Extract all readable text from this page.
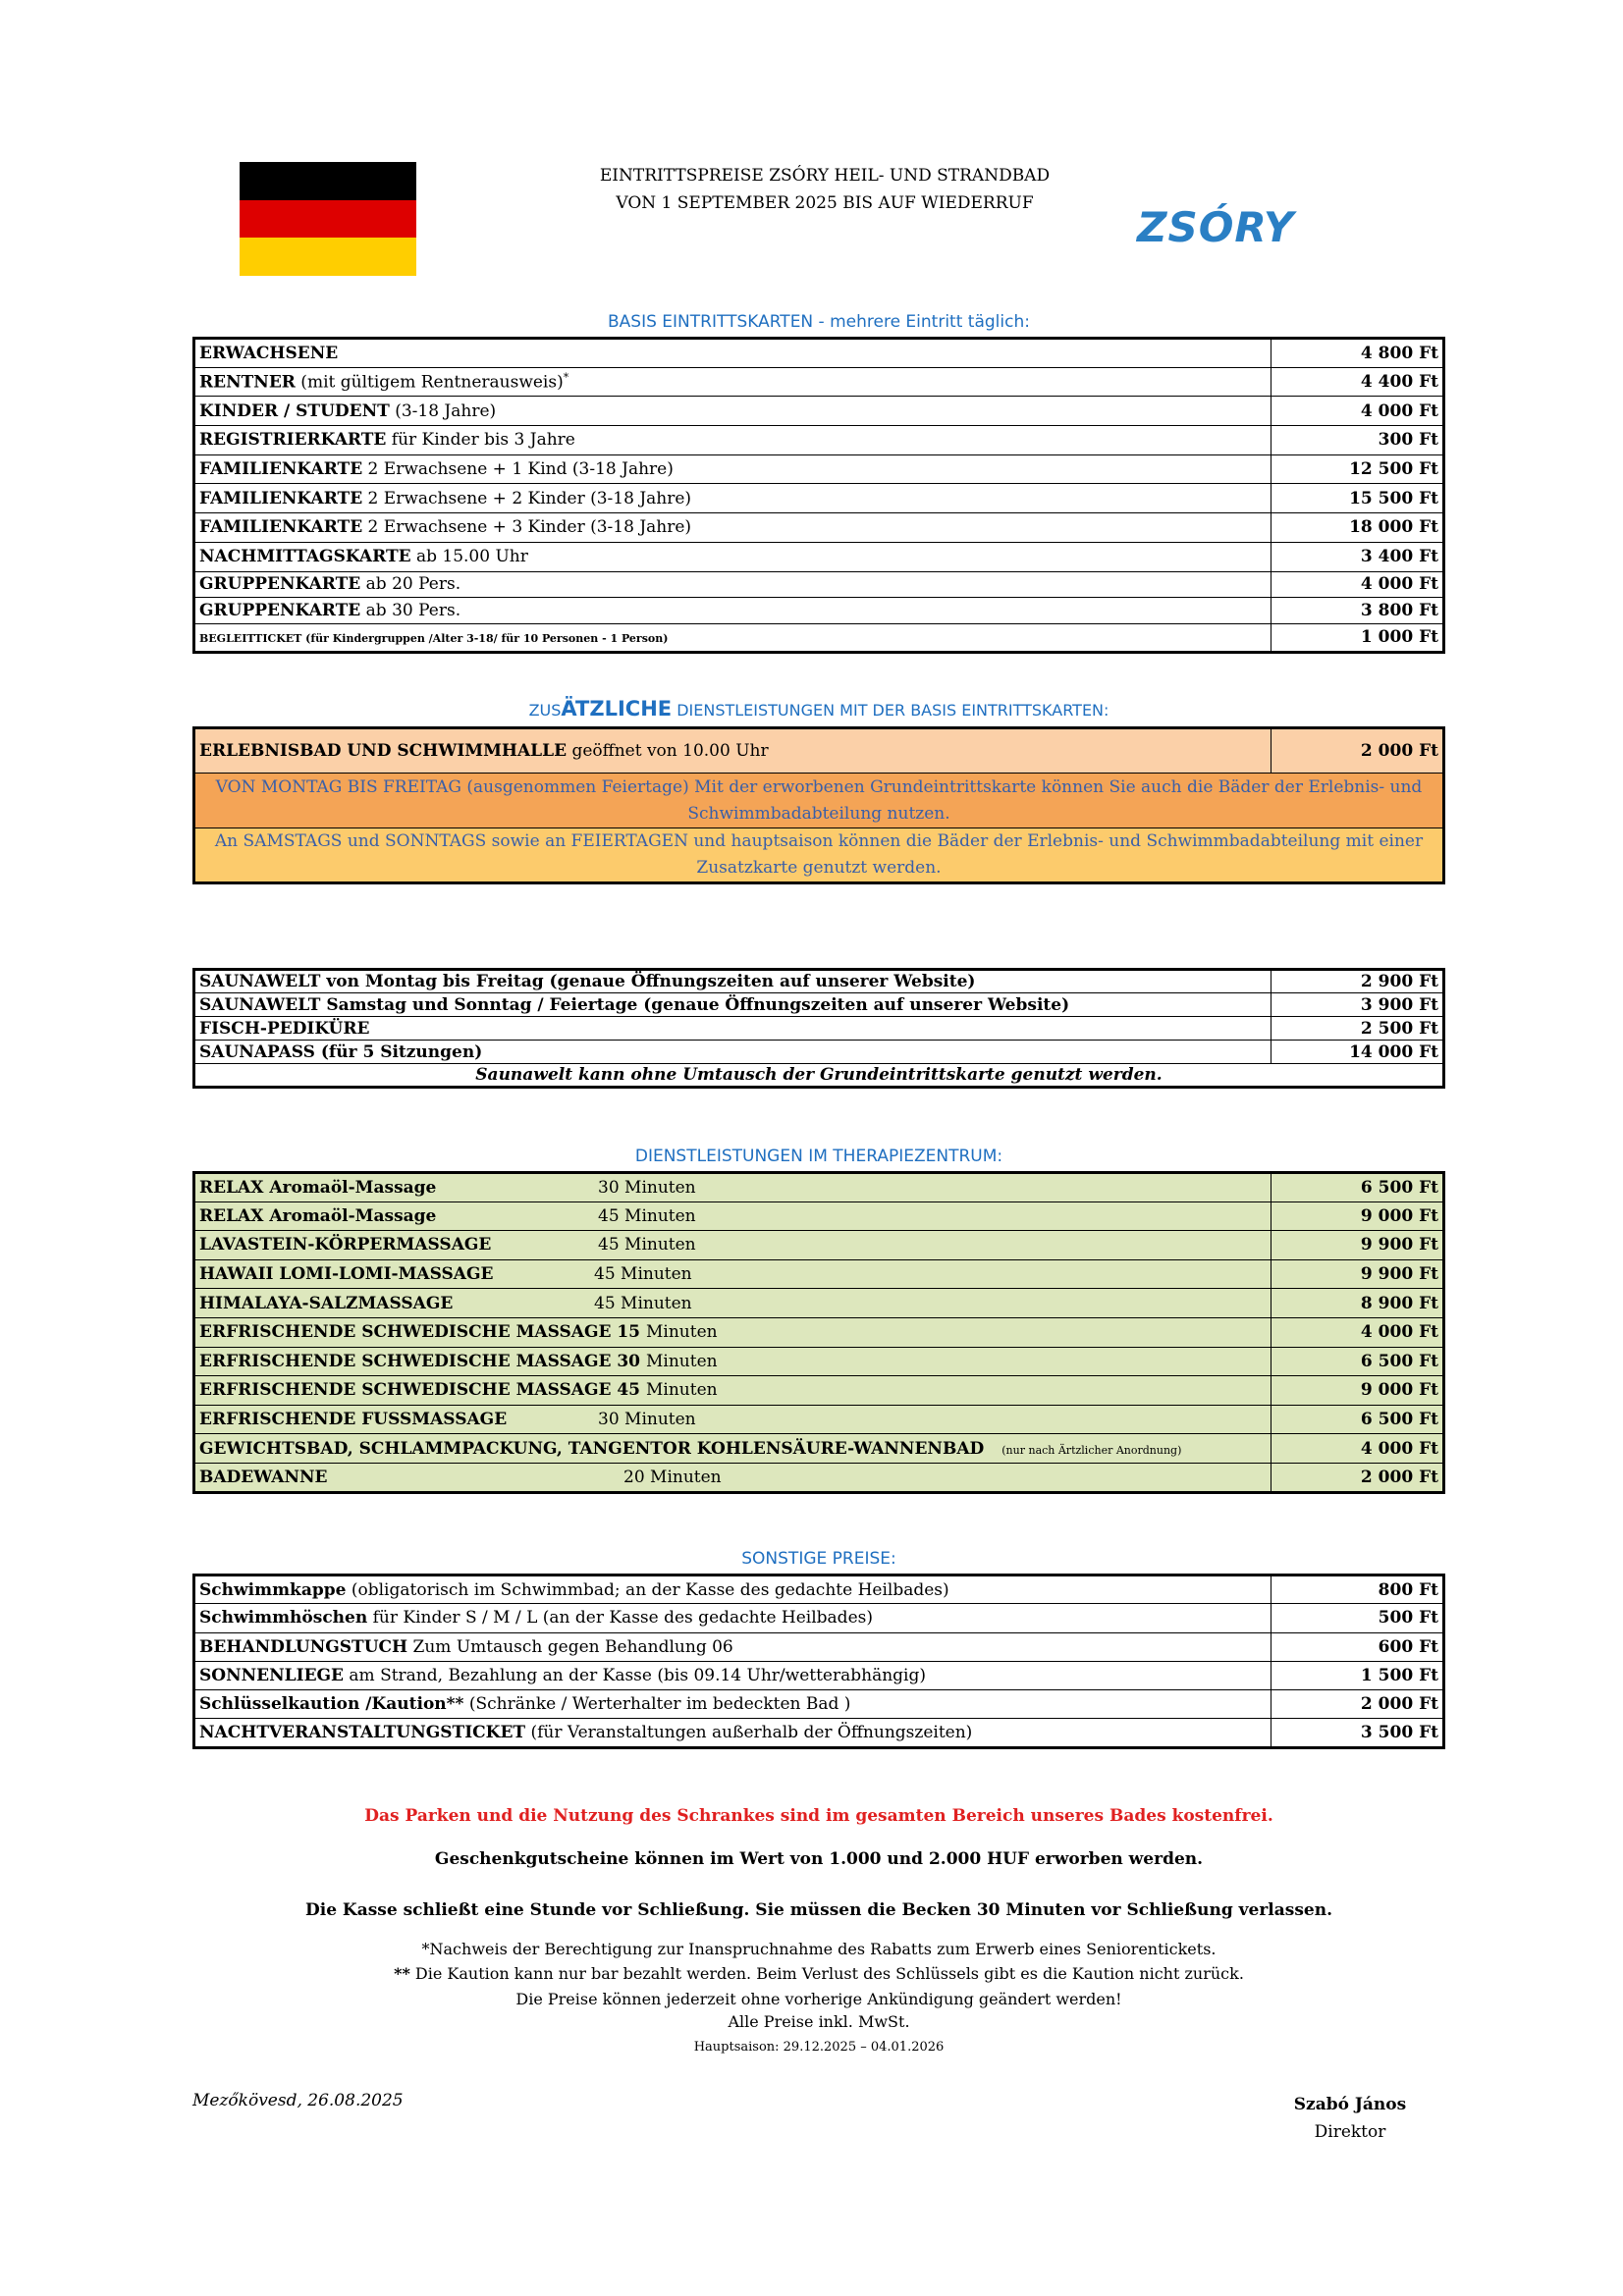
EINTRITTSPREISE ZSÓRY HEIL- UND STRANDBAD
VON 1 SEPTEMBER 2025 BIS AUF WIEDERRUF	ZSÓRY
BASIS EINTRITTSKARTEN - mehrere Eintritt täglich:
ERWACHSENE	4 800 Ft
RENTNER (mit gültigem Rentnerausweis)*	4 400 Ft
KINDER / STUDENT (3-18 Jahre)	4 000 Ft
REGISTRIERKARTE für Kinder bis 3 Jahre	300 Ft
FAMILIENKARTE 2 Erwachsene + 1 Kind (3-18 Jahre)	12 500 Ft
FAMILIENKARTE 2 Erwachsene + 2 Kinder (3-18 Jahre)	15 500 Ft
FAMILIENKARTE 2 Erwachsene + 3 Kinder (3-18 Jahre)	18 000 Ft
NACHMITTAGSKARTE ab 15.00 Uhr	3 400 Ft
GRUPPENKARTE ab 20 Pers.	4 000 Ft
GRUPPENKARTE ab 30 Pers.	3 800 Ft
BEGLEITTICKET (für Kindergruppen /Alter 3-18/ für 10 Personen - 1 Person)	1 000 Ft
ZUSÄTZLICHE DIENSTLEISTUNGEN MIT DER BASIS EINTRITTSKARTEN:
ERLEBNISBAD UND SCHWIMMHALLE geöffnet von 10.00 Uhr	2 000 Ft
VON MONTAG BIS FREITAG (ausgenommen Feiertage) Mit der erworbenen Grundeintrittskarte können Sie auch die Bäder der Erlebnis- und Schwimmbadabteilung nutzen.
An SAMSTAGS und SONNTAGS sowie an FEIERTAGEN und hauptsaison können die Bäder der Erlebnis- und Schwimmbadabteilung mit einer Zusatzkarte genutzt werden.
SAUNAWELT von Montag bis Freitag (genaue Öffnungszeiten auf unserer Website)	2 900 Ft
SAUNAWELT Samstag und Sonntag / Feiertage (genaue Öffnungszeiten auf unserer Website)	3 900 Ft
FISCH-PEDIKÜRE	2 500 Ft
SAUNAPASS (für 5 Sitzungen)	14 000 Ft
Saunawelt kann ohne Umtausch der Grundeintrittskarte genutzt werden.	
DIENSTLEISTUNGEN IM THERAPIEZENTRUM:
RELAX Aromaöl-Massage 30 Minuten	6 500 Ft
RELAX Aromaöl-Massage 45 Minuten	9 000 Ft
LAVASTEIN-KÖRPERMASSAGE 45 Minuten	9 900 Ft
HAWAII LOMI-LOMI-MASSAGE 45 Minuten	9 900 Ft
HIMALAYA-SALZMASSAGE 45 Minuten	8 900 Ft
ERFRISCHENDE SCHWEDISCHE MASSAGE 15 Minuten	4 000 Ft
ERFRISCHENDE SCHWEDISCHE MASSAGE 30 Minuten	6 500 Ft
ERFRISCHENDE SCHWEDISCHE MASSAGE 45 Minuten	9 000 Ft
ERFRISCHENDE FUSSMASSAGE 30 Minuten	6 500 Ft
GEWICHTSBAD, SCHLAMMPACKUNG, TANGENTOR KOHLENSÄURE-WANNENBAD (nur nach Ärtzlicher Anordnung)	4 000 Ft
BADEWANNE 20 Minuten	2 000 Ft
SONSTIGE PREISE:
Schwimmkappe (obligatorisch im Schwimmbad; an der Kasse des gedachte Heilbades)	800 Ft
Schwimmhöschen für Kinder S / M / L (an der Kasse des gedachte Heilbades)	500 Ft
BEHANDLUNGSTUCH Zum Umtausch gegen Behandlung 06	600 Ft
SONNENLIEGE am Strand, Bezahlung an der Kasse (bis 09.14 Uhr/wetterabhängig)	1 500 Ft
Schlüsselkaution /Kaution** (Schränke / Werterhalter im bedeckten Bad )	2 000 Ft
NACHTVERANSTALTUNGSTICKET (für Veranstaltungen außerhalb der Öffnungszeiten)	3 500 Ft
Das Parken und die Nutzung des Schrankes sind im gesamten Bereich unseres Bades kostenfrei.
Geschenkgutscheine können im Wert von 1.000 und 2.000 HUF erworben werden.
Die Kasse schließt eine Stunde vor Schließung. Sie müssen die Becken 30 Minuten vor Schließung verlassen.
*Nachweis der Berechtigung zur Inanspruchnahme des Rabatts zum Erwerb eines Seniorentickets.
** Die Kaution kann nur bar bezahlt werden. Beim Verlust des Schlüssels gibt es die Kaution nicht zurück.
Die Preise können jederzeit ohne vorherige Ankündigung geändert werden!
Alle Preise inkl. MwSt.
Hauptsaison: 29.12.2025 – 04.01.2026
Mezőkövesd, 26.08.2025	Szabó János
Direktor
